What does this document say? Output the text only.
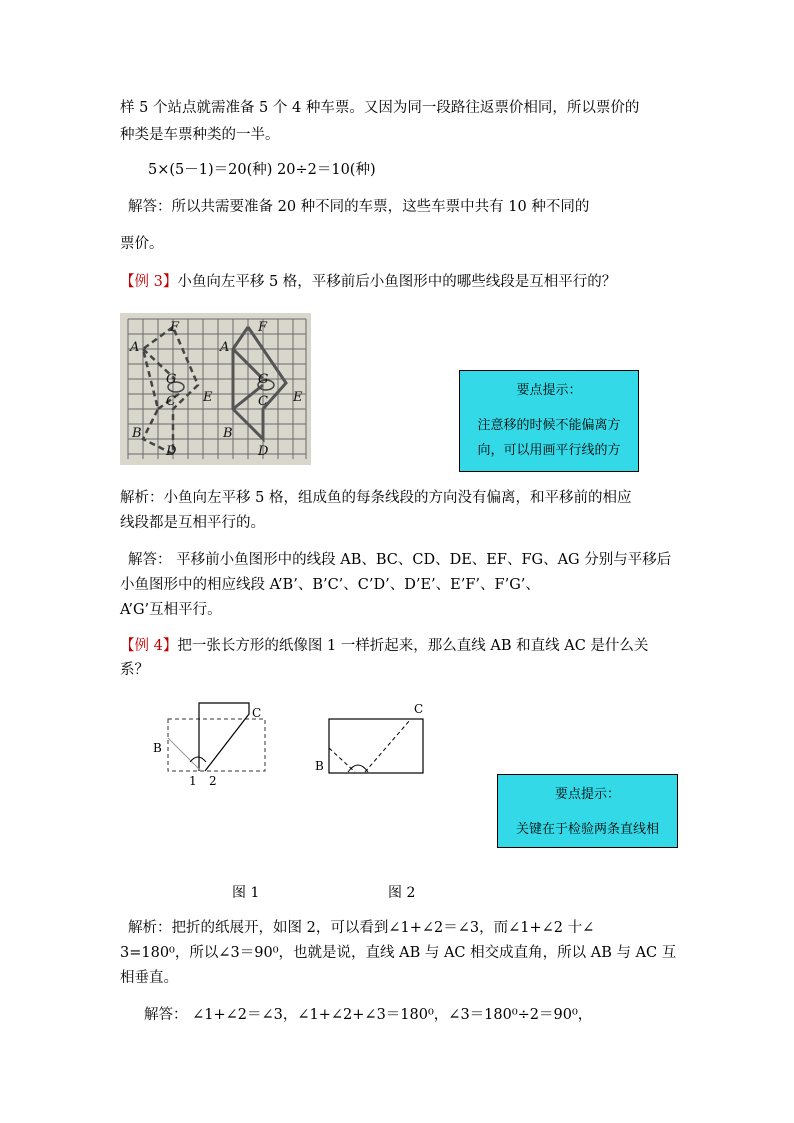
样 5 个站点就需准备 5 个 4 种车票。又因为同一段路往返票价相同，所以票价的
种类是车票种类的一半。
5×(5－1)＝20(种) 20÷2＝10(种)
解答：所以共需要准备 20 种不同的车票，这些车票中共有 10 种不同的
票价。
【例 3】小鱼向左平移 5 格，平移前后小鱼图形中的哪些线段是互相平行的？
F
A
G
C E
B
D
F
A
G
C E
B
D
要点提示：
注意移的时候不能偏离方
向，可以用画平行线的方
解析：小鱼向左平移 5 格，组成鱼的每条线段的方向没有偏离，和平移前的相应
线段都是互相平行的。
解答： 平移前小鱼图形中的线段 AB、BC、CD、DE、EF、FG、AG 分别与平移后
小鱼图形中的相应线段 A’B’、B’C’、C’D’、D’E’、E’F’、F’G’、
A’G’互相平行。
【例 4】把一张长方形的纸像图 1 一样折起来，那么直线 AB 和直线 AC 是什么关
系？
B
C
1 2
B
C
要点提示：
关键在于检验两条直线相
图 1	图 2
解析：把折的纸展开，如图 2，可以看到∠1+∠2＝∠3，而∠1+∠2 十∠
3=180⁰，所以∠3＝90⁰，也就是说，直线 AB 与 AC 相交成直角，所以 AB 与 AC 互
相垂直。
解答： ∠1+∠2＝∠3，∠1+∠2+∠3＝180⁰，∠3＝180⁰÷2＝90⁰，
